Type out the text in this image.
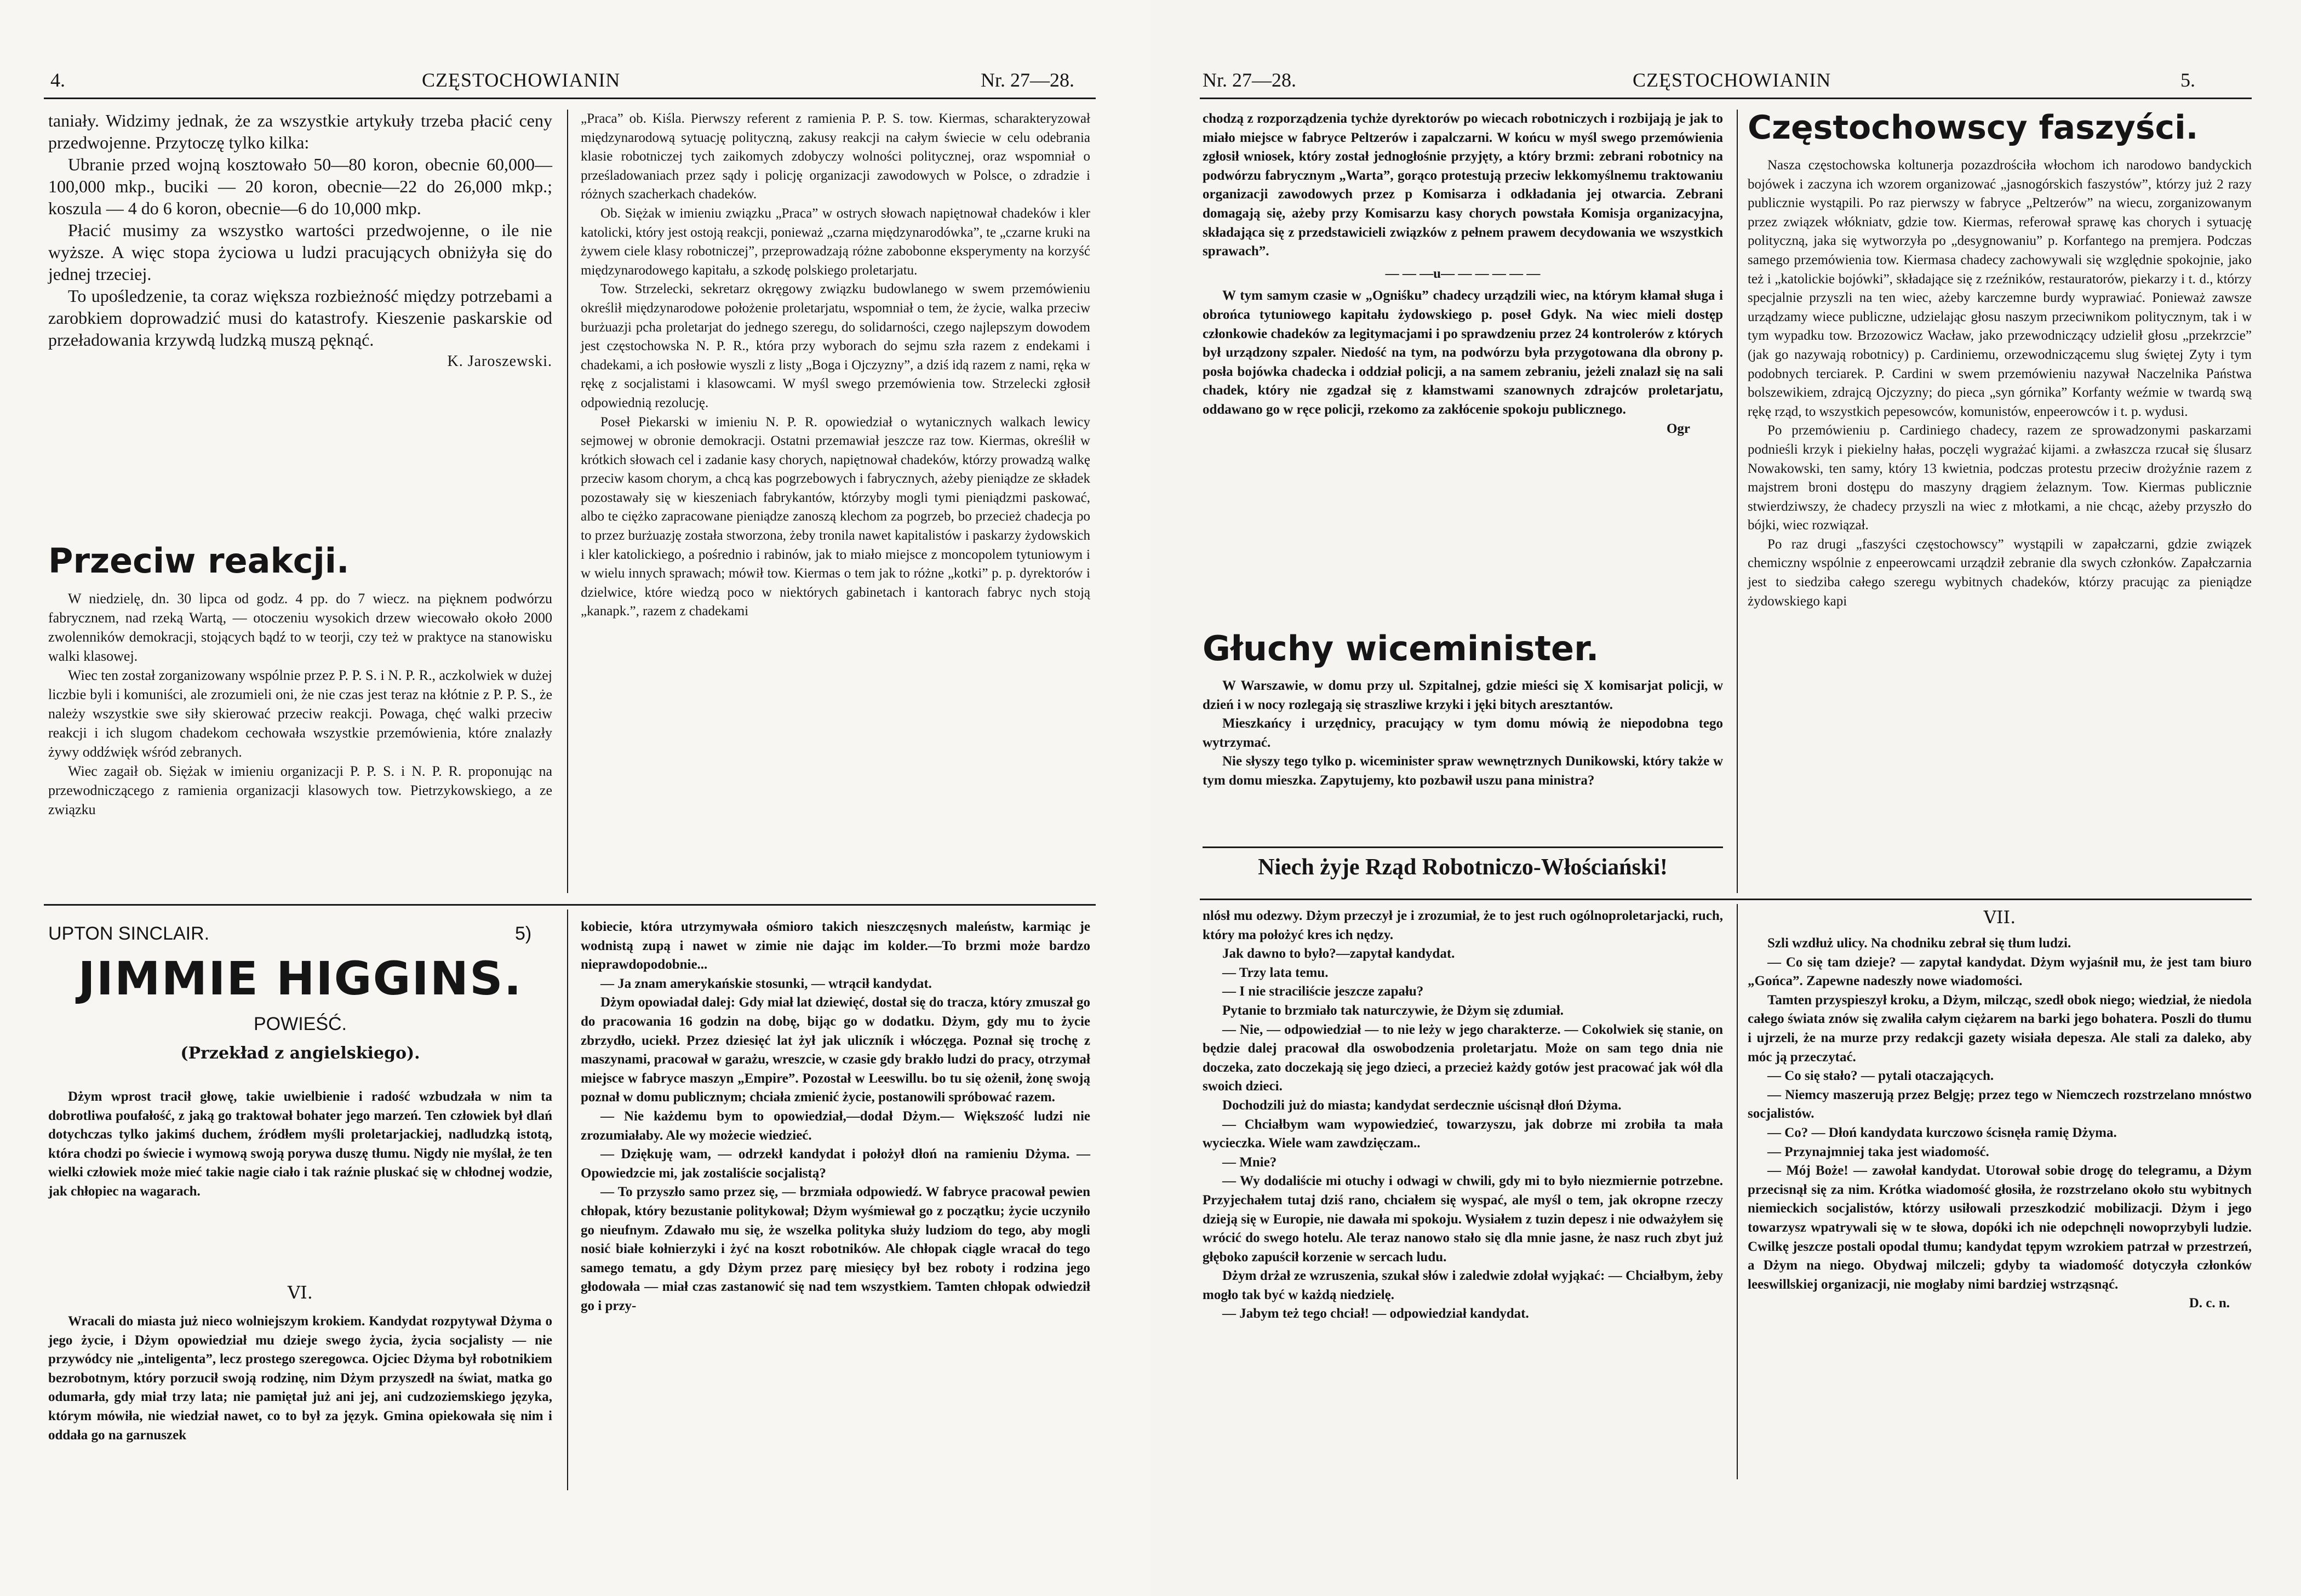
4.	CZĘSTOCHOWIANIN	Nr. 27—28.

taniały. Widzimy jednak, że za wszystkie artykuły trzeba płacić ceny przedwojenne. Przytoczę tylko kilka:

Ubranie przed wojną kosztowało 50—80 koron, obecnie 60,000—100,000 mkp., buciki — 20 koron, obecnie—22 do 26,000 mkp.; koszula — 4 do 6 koron, obecnie—6 do 10,000 mkp.

Płacić musimy za wszystko wartości przedwojenne, o ile nie wyższe. A więc stopa życiowa u ludzi pracujących obniżyła się do jednej trzeciej.

To upośledzenie, ta coraz większa rozbieżność między potrzebami a zarobkiem doprowadzić musi do katastrofy. Kieszenie paskarskie od przeładowania krzywdą ludzką muszą pęknąć.

K. Jaroszewski.

Przeciw reakcji.

W niedzielę, dn. 30 lipca od godz. 4 pp. do 7 wiecz. na pięknem podwórzu fabrycznem, nad rzeką Wartą, — otoczeniu wysokich drzew wiecowało około 2000 zwolenników demokracji, stojących bądź to w teorji, czy też w praktyce na stanowisku walki klasowej.

Wiec ten został zorganizowany wspólnie przez P. P. S. i N. P. R., aczkolwiek w dużej liczbie byli i komuniści, ale zrozumieli oni, że nie czas jest teraz na kłótnie z P. P. S., że należy wszystkie swe siły skierować przeciw reakcji. Powaga, chęć walki przeciw reakcji i ich slugom chadekom cechowała wszystkie przemówienia, które znalazły żywy oddźwięk wśród zebranych.

Wiec zagaił ob. Siężak w imieniu organizacji P. P. S. i N. P. R. proponując na przewodniczącego z ramienia organizacji klasowych tow. Pietrzykowskiego, a ze związku

„Praca” ob. Kiśla. Pierwszy referent z ramienia P. P. S. tow. Kiermas, scharakteryzował międzynarodową sytuację polityczną, zakusy reakcji na całym świecie w celu odebrania klasie robotniczej tych zaikomych zdobyczy wolności politycznej, oraz wspomniał o prześladowaniach przez sądy i policję organizacji zawodowych w Polsce, o zdradzie i różnych szacherkach chadeków.

Ob. Siężak w imieniu związku „Praca” w ostrych słowach napiętnował chadeków i kler katolicki, który jest ostoją reakcji, ponieważ „czarna międzynarodówka”, te „czarne kruki na żywem ciele klasy robotniczej”, przeprowadzają różne zabobonne eksperymenty na korzyść międzynarodowego kapitału, a szkodę polskiego proletarjatu.

Tow. Strzelecki, sekretarz okręgowy związku budowlanego w swem przemówieniu określił międzynarodowe położenie proletarjatu, wspomniał o tem, że życie, walka przeciw burżuazji pcha proletarjat do jednego szeregu, do solidarności, czego najlepszym dowodem jest częstochowska N. P. R., która przy wyborach do sejmu szła razem z endekami i chadekami, a ich posłowie wyszli z listy „Boga i Ojczyzny”, a dziś idą razem z nami, ręka w rękę z socjalistami i klasowcami. W myśl swego przemówienia tow. Strzelecki zgłosił odpowiednią rezolucję.

Poseł Piekarski w imieniu N. P. R. opowiedział o wytanicznych walkach lewicy sejmowej w obronie demokracji. Ostatni przemawiał jeszcze raz tow. Kiermas, określił w krótkich słowach cel i zadanie kasy chorych, napiętnował chadeków, którzy prowadzą walkę przeciw kasom chorym, a chcą kas pogrzebowych i fabrycznych, ażeby pieniądze ze składek pozostawały się w kieszeniach fabrykantów, którzyby mogli tymi pieniądzmi paskować, albo te ciężko zapracowane pieniądze zanoszą klechom za pogrzeb, bo przecież chadecja po to przez burżuazję została stworzona, żeby tronila nawet kapitalistów i paskarzy żydowskich i kler katolickiego, a pośrednio i rabinów, jak to miało miejsce z moncopolem tytuniowym i w wielu innych sprawach; mówił tow. Kiermas o tem jak to różne „kotki” p. p. dyrektorów i dzielwice, które wiedzą poco w niektórych gabinetach i kantorach fabryc nych stoją „kanapk.”, razem z chadekami

UPTON SINCLAIR.	5)
JIMMIE HIGGINS.
POWIEŚĆ.
(Przekład z angielskiego).

Dżym wprost tracił głowę, takie uwielbienie i radość wzbudzała w nim ta dobrotliwa poufałość, z jaką go traktował bohater jego marzeń. Ten człowiek był dlań dotychczas tylko jakimś duchem, źródłem myśli proletarjackiej, nadludzką istotą, która chodzi po świecie i wymową swoją porywa duszę tłumu. Nigdy nie myślał, że ten wielki człowiek może mieć takie nagie ciało i tak raźnie pluskać się w chłodnej wodzie, jak chłopiec na wagarach.

VI.

Wracali do miasta już nieco wolniejszym krokiem. Kandydat rozpytywał Dżyma o jego życie, i Dżym opowiedział mu dzieje swego życia, życia socjalisty — nie przywódcy nie „inteligenta”, lecz prostego szeregowca. Ojciec Dżyma był robotnikiem bezrobotnym, który porzucił swoją rodzinę, nim Dżym przyszedł na świat, matka go odumarła, gdy miał trzy lata; nie pamiętał już ani jej, ani cudzoziemskiego języka, którym mówiła, nie wiedział nawet, co to był za język. Gmina opiekowała się nim i oddała go na garnuszek

kobiecie, która utrzymywała ośmioro takich nieszczęsnych maleństw, karmiąc je wodnistą zupą i nawet w zimie nie dając im kolder.—To brzmi może bardzo nieprawdopodobnie...

— Ja znam amerykańskie stosunki, — wtrącił kandydat.

Dżym opowiadał dalej: Gdy miał lat dziewięć, dostał się do tracza, który zmuszał go do pracowania 16 godzin na dobę, bijąc go w dodatku. Dżym, gdy mu to życie zbrzydło, uciekł. Przez dziesięć lat żył jak uliczník i włóczęga. Poznał się trochę z maszynami, pracował w garażu, wreszcie, w czasie gdy brakło ludzi do pracy, otrzymał miejsce w fabryce maszyn „Empire”. Pozostał w Leeswillu. bo tu się ożenił, żonę swoją poznał w domu publicznym; chciała zmienić życie, postanowili spróbować razem.

— Nie każdemu bym to opowiedział,—dodał Dżym.— Większość ludzi nie zrozumiałaby. Ale wy możecie wiedzieć.

— Dziękuję wam, — odrzekł kandydat i położył dłoń na ramieniu Dżyma. — Opowiedzcie mi, jak zostaliście socjalistą?

— To przyszło samo przez się, — brzmiała odpowiedź. W fabryce pracował pewien chłopak, który bezustanie politykował; Dżym wyśmiewał go z początku; życie uczyniło go nieufnym. Zdawało mu się, że wszelka polityka służy ludziom do tego, aby mogli nosić białe kołnierzyki i żyć na koszt robotników. Ale chłopak ciągle wracał do tego samego tematu, a gdy Dżym przez parę miesięcy był bez roboty i rodzina jego głodowała — miał czas zastanowić się nad tem wszystkiem. Tamten chłopak odwiedził go i przy-

Nr. 27—28.	CZĘSTOCHOWIANIN	5.

chodzą z rozporządzenia tychże dyrektorów po wiecach robotniczych i rozbijają je jak to miało miejsce w fabryce Peltzerów i zapalczarni. W końcu w myśl swego przemówienia zgłosił wniosek, który został jednogłośnie przyjęty, a który brzmi: zebrani robotnicy na podwórzu fabrycznym „Warta”, gorąco protestują przeciw lekkomyślnemu traktowaniu organizacji zawodowych przez p Komisarza i odkładania jej otwarcia. Zebrani domagają się, ażeby przy Komisarzu kasy chorych powstała Komisja organizacyjna, składająca się z przedstawicieli związków z pełnem prawem decydowania we wszystkich sprawach”.

— — —u— — — — — —

W tym samym czasie w „Ogniśku” chadecy urządzili wiec, na którym kłamał sługa i obrońca tytuniowego kapitału żydowskiego p. poseł Gdyk. Na wiec mieli dostęp członkowie chadeków za legitymacjami i po sprawdzeniu przez 24 kontrolerów z których był urządzony szpaler. Niedość na tym, na podwórzu była przygotowana dla obrony p. posła bojówka chadecka i oddział policji, a na samem zebraniu, jeżeli znalazł się na sali chadek, który nie zgadzał się z kłamstwami szanownych zdrajców proletarjatu, oddawano go w ręce policji, rzekomo za zakłócenie spokoju publicznego.

Ogr

Głuchy wiceminister.

W Warszawie, w domu przy ul. Szpitalnej, gdzie mieści się X komisarjat policji, w dzień i w nocy rozlegają się straszliwe krzyki i jęki bitych aresztantów.

Mieszkańcy i urzędnicy, pracujący w tym domu mówią że niepodobna tego wytrzymać.

Nie słyszy tego tylko p. wiceminister spraw wewnętrznych Dunikowski, który także w tym domu mieszka. Zapytujemy, kto pozbawił uszu pana ministra?

Niech żyje Rząd Robotniczo-Włościański!
Częstochowscy faszyści.

Nasza częstochowska koltunerja pozazdrościła włochom ich narodowo bandyckich bojówek i zaczyna ich wzorem organizować „jasnogórskich faszystów”, którzy już 2 razy publicznie wystąpili. Po raz pierwszy w fabryce „Peltzerów” na wiecu, zorganizowanym przez związek włókniatv, gdzie tow. Kiermas, referował sprawę kas chorych i sytuację polityczną, jaka się wytworzyła po „desygnowaniu” p. Korfantego na premjera. Podczas samego przemówienia tow. Kiermasa chadecy zachowywali się względnie spokojnie, jako też i „katolickie bojówki”, składające się z rzeźników, restauratorów, piekarzy i t. d., którzy specjalnie przyszli na ten wiec, ażeby karczemne burdy wyprawiać. Ponieważ zawsze urządzamy wiece publiczne, udzielając głosu naszym przeciwnikom politycznym, tak i w tym wypadku tow. Brzozowicz Wacław, jako przewodniczący udzielił głosu „przekrzcie” (jak go nazywają robotnicy) p. Cardiniemu, orzewodniczącemu slug świętej Zyty i tym podobnych terciarek. P. Cardini w swem przemówieniu nazywał Naczelnika Państwa bolszewikiem, zdrajcą Ojczyzny; do pieca „syn górnika” Korfanty weźmie w twardą swą rękę rząd, to wszystkich pepesowców, komunistów, enpeerowców i t. p. wydusi.

Po przemówieniu p. Cardiniego chadecy, razem ze sprowadzonymi paskarzami podnieśli krzyk i piekielny hałas, poczęli wygrażać kijami. a zwłaszcza rzucał się ślusarz Nowakowski, ten samy, który 13 kwietnia, podczas protestu przeciw drożyźnie razem z majstrem broni dostępu do maszyny drągiem żelaznym. Tow. Kiermas publicznie stwierdziwszy, że chadecy przyszli na wiec z młotkami, a nie chcąc, ażeby przyszło do bójki, wiec rozwiązał.

Po raz drugi „faszyści częstochowscy” wystąpili w zapałczarni, gdzie związek chemiczny wspólnie z enpeerowcami urządził zebranie dla swych członków. Zapałczarnia jest to siedziba całego szeregu wybitnych chadeków, którzy pracując za pieniądze żydowskiego kapi

nlósł mu odezwy. Dżym przeczył je i zrozumiał, że to jest ruch ogólnoproletarjacki, ruch, który ma położyć kres ich nędzy.

Jak dawno to było?—zapytał kandydat.

— Trzy lata temu.

— I nie straciliście jeszcze zapału?

Pytanie to brzmiało tak naturczywie, że Dżym się zdumiał.

— Nie, — odpowiedział — to nie leży w jego charakterze. — Cokolwiek się stanie, on będzie dalej pracował dla oswobodzenia proletarjatu. Może on sam tego dnia nie doczeka, zato doczekają się jego dzieci, a przecież każdy gotów jest pracować jak wół dla swoich dzieci.

Dochodzili już do miasta; kandydat serdecznie uścisnął dłoń Dżyma.

— Chciałbym wam wypowiedzieć, towarzyszu, jak dobrze mi zrobiła ta mała wycieczka. Wiele wam zawdzięczam..

— Mnie?

— Wy dodaliście mi otuchy i odwagi w chwili, gdy mi to było niezmiernie potrzebne. Przyjechałem tutaj dziś rano, chciałem się wyspać, ale myśl o tem, jak okropne rzeczy dzieją się w Europie, nie dawała mi spokoju. Wysiałem z tuzin depesz i nie odważyłem się wrócić do swego hotelu. Ale teraz nanowo stało się dla mnie jasne, że nasz ruch zbyt już głęboko zapuścił korzenie w sercach ludu.

Dżym drżał ze wzruszenia, szukał słów i zaledwie zdołał wyjąkać: — Chciałbym, żeby mogło tak być w każdą niedzielę.

— Jabym też tego chciał! — odpowiedział kandydat.

VII.

Szli wzdłuż ulicy. Na chodniku zebrał się tłum ludzi.

— Co się tam dzieje? — zapytał kandydat. Dżym wyjaśnił mu, że jest tam biuro „Gońca”. Zapewne nadeszły nowe wiadomości.

Tamten przyspieszył kroku, a Dżym, milcząc, szedł obok niego; wiedział, że niedola całego świata znów się zwaliła całym ciężarem na barki jego bohatera. Poszli do tłumu i ujrzeli, że na murze przy redakcji gazety wisiała depesza. Ale stali za daleko, aby móc ją przeczytać.

— Co się stało? — pytali otaczających.

— Niemcy maszerują przez Belgję; przez tego w Niemczech rozstrzelano mnóstwo socjalistów.

— Co? — Dłoń kandydata kurczowo ścisnęła ramię Dżyma.

— Przynajmniej taka jest wiadomość.

— Mój Boże! — zawołał kandydat. Utorował sobie drogę do telegramu, a Dżym przecisnął się za nim. Krótka wiadomość głosiła, że rozstrzelano około stu wybitnych niemieckich socjalistów, którzy usiłowali przeszkodzić mobilizacji. Dżym i jego towarzysz wpatrywali się w te słowa, dopóki ich nie odepchnęli nowoprzybyli ludzie. Cwilkę jeszcze postali opodal tłumu; kandydat tępym wzrokiem patrzał w przestrzeń, a Dżym na niego. Obydwaj milczeli; gdyby ta wiadomość dotyczyła członków leeswillskiej organizacji, nie mogłaby nimi bardziej wstrząsnąć.

D. c. n.
